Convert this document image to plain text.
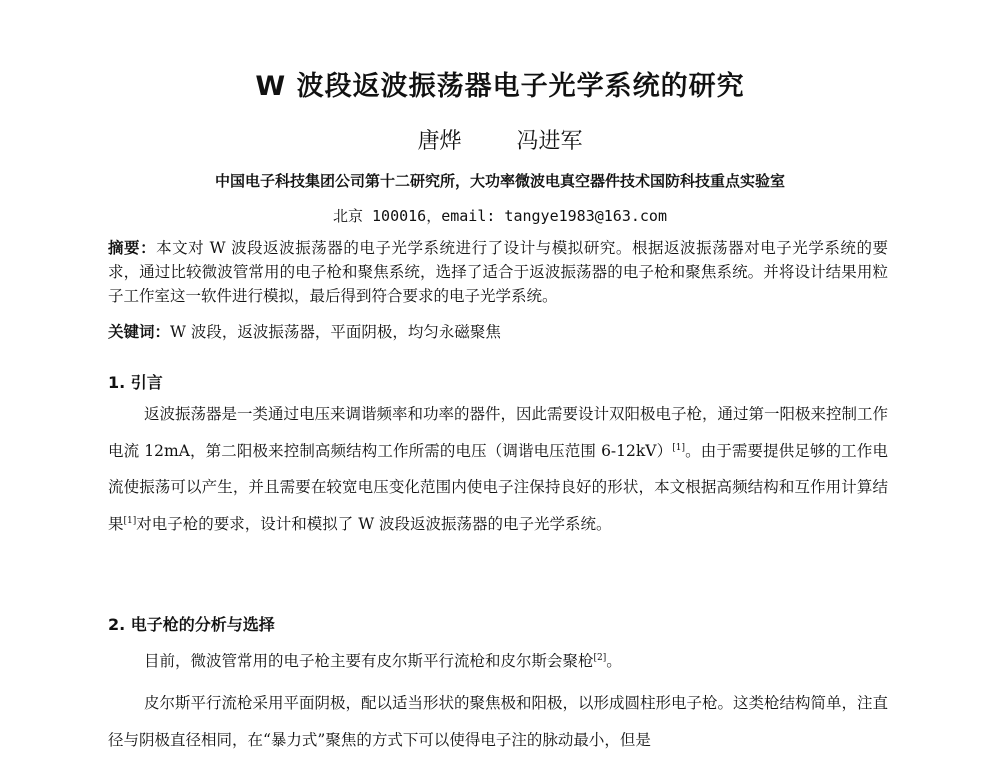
W 波段返波振荡器电子光学系统的研究
唐烨	冯进军
中国电子科技集团公司第十二研究所，大功率微波电真空器件技术国防科技重点实验室
北京 100016，email: tangye1983@163.com
摘要：本文对 W 波段返波振荡器的电子光学系统进行了设计与模拟研究。根据返波振荡器对电子光学系统的要求，通过比较微波管常用的电子枪和聚焦系统，选择了适合于返波振荡器的电子枪和聚焦系统。并将设计结果用粒子工作室这一软件进行模拟，最后得到符合要求的电子光学系统。
关键词：W 波段，返波振荡器，平面阴极，均匀永磁聚焦
1. 引言
返波振荡器是一类通过电压来调谐频率和功率的器件，因此需要设计双阳极电子枪，通过第一阳极来控制工作电流 12mA，第二阳极来控制高频结构工作所需的电压（调谐电压范围 6-12kV）[1]。由于需要提供足够的工作电流使振荡可以产生，并且需要在较宽电压变化范围内使电子注保持良好的形状，本文根据高频结构和互作用计算结果[1]对电子枪的要求，设计和模拟了 W 波段返波振荡器的电子光学系统。
2. 电子枪的分析与选择
目前，微波管常用的电子枪主要有皮尔斯平行流枪和皮尔斯会聚枪[2]。
皮尔斯平行流枪采用平面阴极，配以适当形状的聚焦极和阳极，以形成圆柱形电子枪。这类枪结构简单，注直径与阴极直径相同，在“暴力式”聚焦的方式下可以使得电子注的脉动最小，但是
